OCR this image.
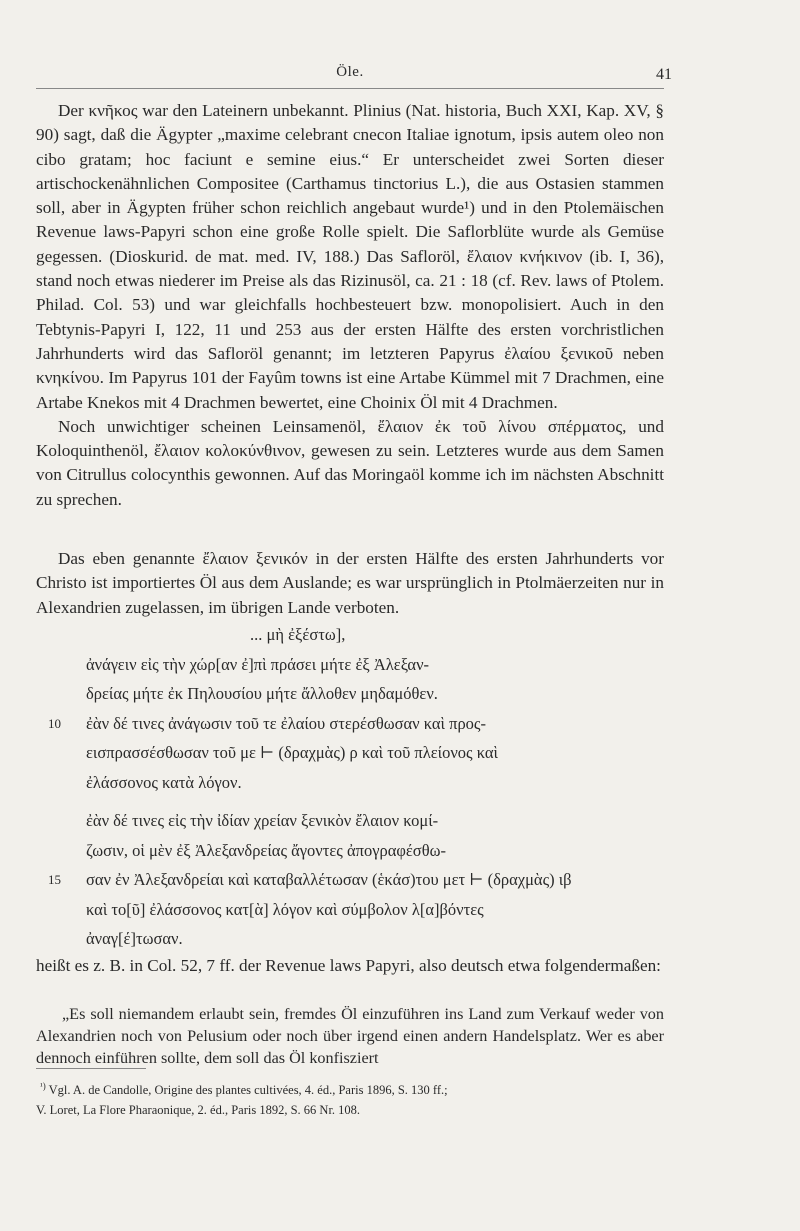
Öle.	41

Der κνῆκος war den Lateinern unbekannt. Plinius (Nat. historia, Buch XXI, Kap. XV, § 90) sagt, daß die Ägypter „maxime celebrant cnecon Italiae ignotum, ipsis autem oleo non cibo gratam; hoc faciunt e semine eius.“ Er unterscheidet zwei Sorten dieser artischockenähnlichen Compositee (Carthamus tinctorius L.), die aus Ostasien stammen soll, aber in Ägypten früher schon reichlich angebaut wurde¹) und in den Ptolemäischen Revenue laws-Papyri schon eine große Rolle spielt. Die Saflorblüte wurde als Gemüse gegessen. (Dioskurid. de mat. med. IV, 188.) Das Safloröl, ἔλαιον κνήκινον (ib. I, 36), stand noch etwas niederer im Preise als das Rizinusöl, ca. 21 : 18 (cf. Rev. laws of Ptolem. Philad. Col. 53) und war gleichfalls hochbesteuert bzw. monopolisiert. Auch in den Tebtynis-Papyri I, 122, 11 und 253 aus der ersten Hälfte des ersten vorchristlichen Jahrhunderts wird das Safloröl genannt; im letzteren Papyrus ἐλαίου ξενικοῦ neben κνηκίνου. Im Papyrus 101 der Fayûm towns ist eine Artabe Kümmel mit 7 Drachmen, eine Artabe Knekos mit 4 Drachmen bewertet, eine Choinix Öl mit 4 Drachmen.

Noch unwichtiger scheinen Leinsamenöl, ἔλαιον ἐκ τοῦ λίνου σπέρματος, und Koloquinthenöl, ἔλαιον κολοκύνθινον, gewesen zu sein. Letzteres wurde aus dem Samen von Citrullus colocynthis gewonnen. Auf das Moringaöl komme ich im nächsten Abschnitt zu sprechen.

Das eben genannte ἔλαιον ξενικόν in der ersten Hälfte des ersten Jahrhunderts vor Christo ist importiertes Öl aus dem Auslande; es war ursprünglich in Ptolmäerzeiten nur in Alexandrien zugelassen, im übrigen Lande verboten.

... μὴ ἐξέστω],
ἀνάγειν εἰς τὴν χώρ[αν ἐ]πὶ πράσει μήτε ἐξ Ἀλεξαν-
δρείας μήτε ἐκ Πηλουσίου μήτε ἄλλοθεν μηδαμόθεν.
10 ἐὰν δέ τινες ἀνάγωσιν τοῦ τε ἐλαίου στερέσθωσαν καὶ προς-
εισπρασσέσθωσαν τοῦ με ⊢ (δραχμὰς) ρ καὶ τοῦ πλείονος καὶ
ἐλάσσονος κατὰ λόγον.
ἐὰν δέ τινες εἰς τὴν ἰδίαν χρείαν ξενικὸν ἔλαιον κομί-
ζωσιν, οἱ μὲν ἐξ Ἀλεξανδρείας ἄγοντες ἀπογραφέσθω-
15 σαν ἐν Ἀλεξανδρείαι καὶ καταβαλλέτωσαν (ἑκάσ)του μετ ⊢ (δραχμὰς) ιβ
καὶ το[ῦ] ἐλάσσονος κατ[ὰ] λόγον καὶ σύμβολον λ[α]βόντες
ἀναγ[έ]τωσαν.

heißt es z. B. in Col. 52, 7 ff. der Revenue laws Papyri, also deutsch etwa folgendermaßen:

„Es soll niemandem erlaubt sein, fremdes Öl einzuführen ins Land zum Verkauf weder von Alexandrien noch von Pelusium oder noch über irgend einen andern Handelsplatz. Wer es aber dennoch einführen sollte, dem soll das Öl konfisziert

$^{^1)}$ Vgl. A. de Candolle, Origine des plantes cultivées, 4. éd., Paris 1896, S. 130 ff.;

V. Loret, La Flore Pharaonique, 2. éd., Paris 1892, S. 66 Nr. 108.
